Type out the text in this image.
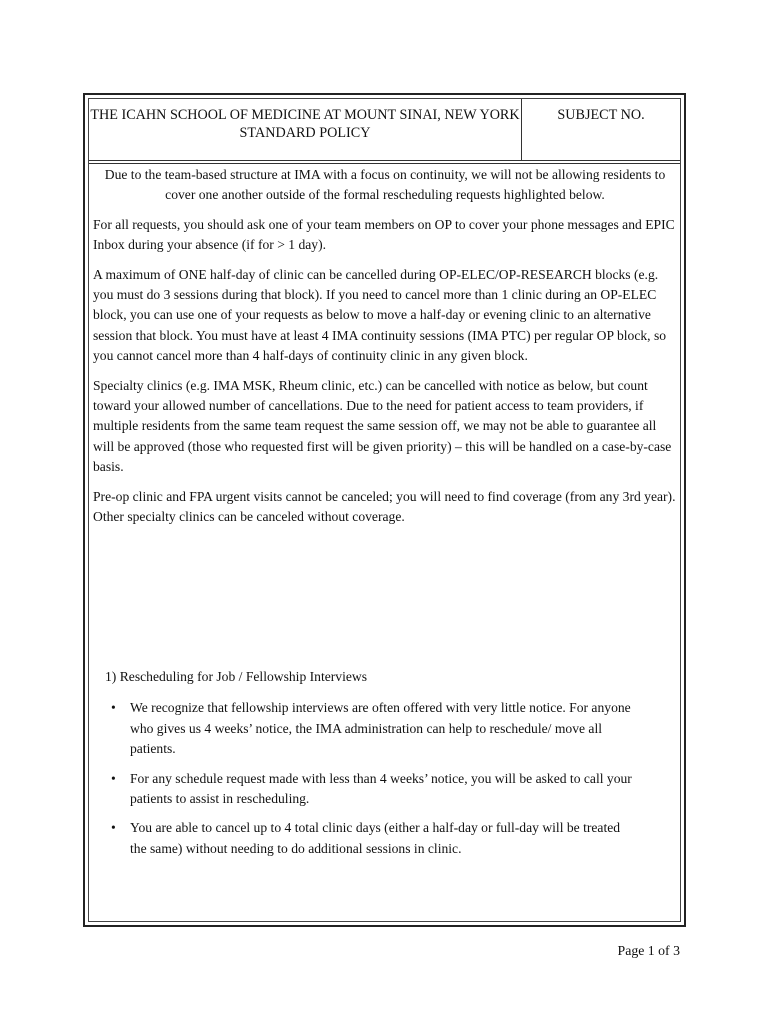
THE ICAHN SCHOOL OF MEDICINE AT MOUNT SINAI, NEW YORK STANDARD POLICY
SUBJECT NO.

Due to the team-based structure at IMA with a focus on continuity, we will not be allowing residents to cover one another outside of the formal rescheduling requests highlighted below.

For all requests, you should ask one of your team members on OP to cover your phone messages and EPIC Inbox during your absence (if for > 1 day).

A maximum of ONE half-day of clinic can be cancelled during OP-ELEC/OP-RESEARCH blocks (e.g. you must do 3 sessions during that block). If you need to cancel more than 1 clinic during an OP-ELEC block, you can use one of your requests as below to move a half-day or evening clinic to an alternative session that block. You must have at least 4 IMA continuity sessions (IMA PTC) per regular OP block, so you cannot cancel more than 4 half-days of continuity clinic in any given block.

Specialty clinics (e.g. IMA MSK, Rheum clinic, etc.) can be cancelled with notice as below, but count toward your allowed number of cancellations. Due to the need for patient access to team providers, if multiple residents from the same team request the same session off, we may not be able to guarantee all will be approved (those who requested first will be given priority) – this will be handled on a case-by-case basis.

Pre-op clinic and FPA urgent visits cannot be canceled; you will need to find coverage (from any 3rd year). Other specialty clinics can be canceled without coverage.

1) Rescheduling for Job / Fellowship Interviews
• We recognize that fellowship interviews are often offered with very little notice. For anyone who gives us 4 weeks’ notice, the IMA administration can help to reschedule/ move all patients.
• For any schedule request made with less than 4 weeks’ notice, you will be asked to call your patients to assist in rescheduling.
• You are able to cancel up to 4 total clinic days (either a half-day or full-day will be treated the same) without needing to do additional sessions in clinic.
Page 1 of 3
